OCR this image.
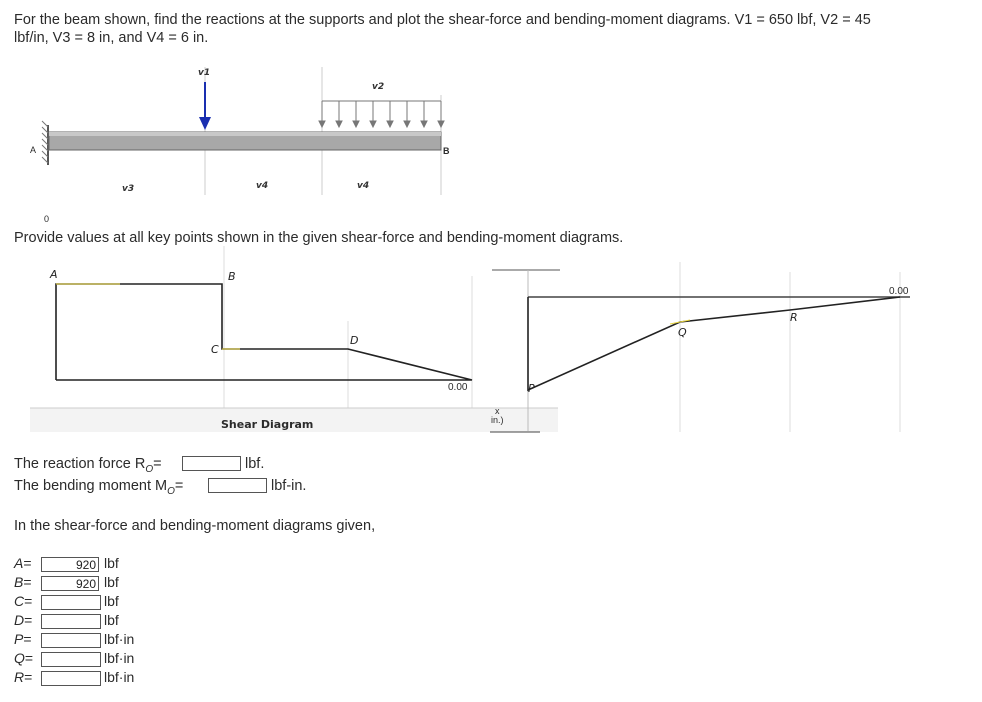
For the beam shown, find the reactions at the supports and plot the shear-force and bending-moment diagrams. V1 = 650 lbf, V2 = 45
lbf/in, V3 = 8 in, and V4 = 6 in.
v1
v2
v3	v4	v4
A	B
0
Provide values at all key points shown in the given shear-force and bending-moment diagrams.
A	B
C
D
0.00
Shear Diagram
P
Q
R
0.00
x
in.)
The reaction force $R_O=$	lbf.
The bending moment $M_O=$	lbf-in.
In the shear-force and bending-moment diagrams given,
A=
920	lbf
B=
920	lbf
C=	lbf
D=	lbf
P=	lbf·in
Q=	lbf·in
R=	lbf·in
